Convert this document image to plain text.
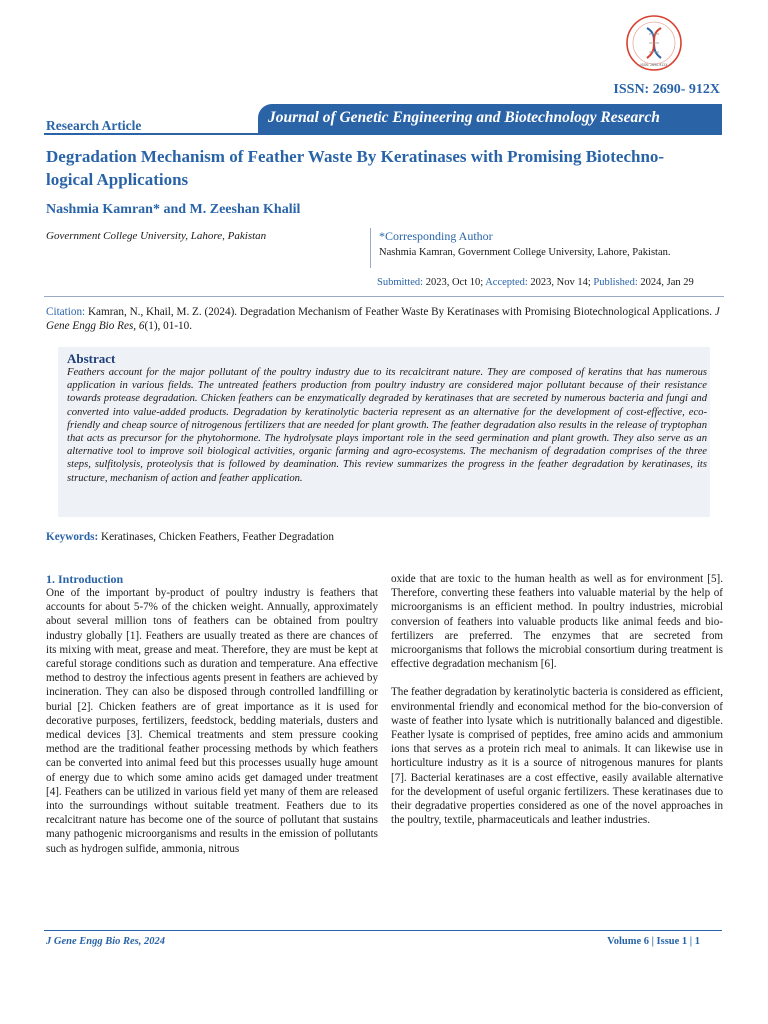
ISSN: 2690-912X
ISSN: 2690- 912X
Research Article	Journal of Genetic Engineering and Biotechnology Research
Degradation Mechanism of Feather Waste By Keratinases with Promising Biotechno-
logical Applications
Nashmia Kamran* and M. Zeeshan Khalil
Government College University, Lahore, Pakistan	*Corresponding Author
Nashmia Kamran, Government College University, Lahore, Pakistan.
Submitted: 2023, Oct 10; Accepted: 2023, Nov 14; Published: 2024, Jan 29
Citation: Kamran, N., Khail, M. Z. (2024). Degradation Mechanism of Feather Waste By Keratinases with Promising Biotechnological Applications. J Gene Engg Bio Res, 6(1), 01-10.
Abstract
Feathers account for the major pollutant of the poultry industry due to its recalcitrant nature. They are composed of keratins that has numerous application in various fields. The untreated feathers production from poultry industry are considered major pollutant because of their resistance towards protease degradation. Chicken feathers can be enzymatically degraded by keratinases that are secreted by numerous bacteria and fungi and converted into value-added products. Degradation by keratinolytic bacteria represent as an alternative for the development of cost-effective, eco-friendly and cheap source of nitrogenous fertilizers that are needed for plant growth. The feather degradation also results in the release of tryptophan that acts as precursor for the phytohormone. The hydrolysate plays important role in the seed germination and plant growth. They also serve as an alternative tool to improve soil biological activities, organic farming and agro-ecosystems. The mechanism of degradation comprises of the three steps, sulfitolysis, proteolysis that is followed by deamination. This review summarizes the progress in the feather degradation by keratinases, its structure, mechanism of action and feather application.
Keywords: Keratinases, Chicken Feathers, Feather Degradation
1. Introduction

One of the important by-product of poultry industry is feathers that accounts for about 5-7% of the chicken weight. Annually, approximately about several million tons of feathers can be obtained from poultry industry globally [1]. Feathers are usually treated as there are chances of its mixing with meat, grease and meat. Therefore, they are must be kept at careful storage conditions such as duration and temperature. Ana effective method to destroy the infectious agents present in feathers are achieved by incineration. They can also be disposed through controlled landfilling or burial [2]. Chicken feathers are of great importance as it is used for decorative purposes, fertilizers, feedstock, bedding materials, dusters and medical devices [3]. Chemical treatments and stem pressure cooking method are the traditional feather processing methods by which feathers can be converted into animal feed but this processes usually huge amount of energy due to which some amino acids get damaged under treatment [4]. Feathers can be utilized in various field yet many of them are released into the surroundings without suitable treatment. Feathers due to its recalcitrant nature has become one of the source of pollutant that sustains many pathogenic microorganisms and results in the emission of pollutants such as hydrogen sulfide, ammonia, nitrous

oxide that are toxic to the human health as well as for environment [5]. Therefore, converting these feathers into valuable material by the help of microorganisms is an efficient method. In poultry industries, microbial conversion of feathers into valuable products like animal feeds and bio-fertilizers are preferred. The enzymes that are secreted from microorganisms that follows the microbial consortium during treatment is effective degradation mechanism [6].

The feather degradation by keratinolytic bacteria is considered as efficient, environmental friendly and economical method for the bio-conversion of waste of feather into lysate which is nutritionally balanced and digestible. Feather lysate is comprised of peptides, free amino acids and ammonium ions that serves as a protein rich meal to animals. It can likewise use in horticulture industry as it is a source of nitrogenous manures for plants [7]. Bacterial keratinases are a cost effective, easily available alternative for the development of useful organic fertilizers. These keratinases due to their degradative properties considered as one of the novel approaches in the poultry, textile, pharmaceuticals and leather industries.

J Gene Engg Bio Res, 2024	Volume 6 | Issue 1 | 1
